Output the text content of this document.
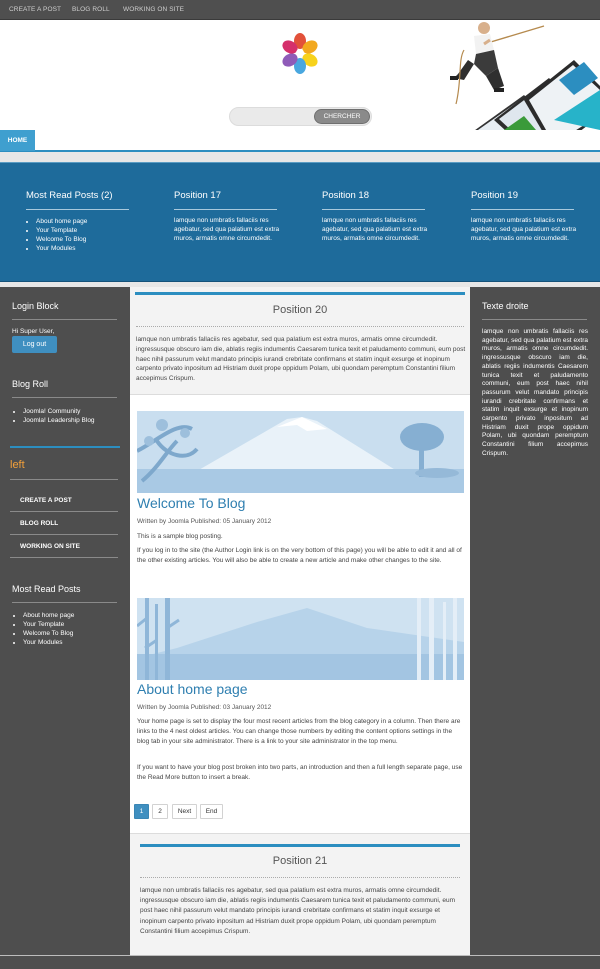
CREATE A POST BLOG ROLL WORKING ON SITE
CHERCHER
HOME
Most Read Posts (2)
• About home page
• Your Template
• Welcome To Blog
• Your Modules
Position 17

lamque non umbratis fallaciis res agebatur, sed qua palatium est extra muros, armatis omne circumdedit.

Position 18

lamque non umbratis fallaciis res agebatur, sed qua palatium est extra muros, armatis omne circumdedit.

Position 19

lamque non umbratis fallaciis res agebatur, sed qua palatium est extra muros, armatis omne circumdedit.

Login Block
Hi Super User,
Log out
Blog Roll
• Joomla! Community
• Joomla! Leadership Blog
left
CREATE A POST
BLOG ROLL
WORKING ON SITE
Most Read Posts
• About home page
• Your Template
• Welcome To Blog
• Your Modules
Texte droite

lamque non umbratis fallaciis res agebatur, sed qua palatium est extra muros, armatis omne circumdedit. ingressusque obscuro iam die, ablatis regiis indumentis Caesarem tunica texit et paludamento communi, eum post haec nihil passurum velut mandato principis iurandi crebritate confirmans et statim inquit exsurge et inopinum carpento privato inpositum ad Histriam duxit prope oppidum Polam, ubi quondam peremptum Constantini filium accepimus Crispum.

Position 20

lamque non umbratis fallaciis res agebatur, sed qua palatium est extra muros, armatis omne circumdedit. ingressusque obscuro iam die, ablatis regiis indumentis Caesarem tunica texit et paludamento communi, eum post haec nihil passurum velut mandato principis iurandi crebritate confirmans et statim inquit exsurge et inopinum carpento privato inpositum ad Histriam duxit prope oppidum Polam, ubi quondam peremptum Constantini filium accepimus Crispum.

Welcome To Blog
Written by Joomla Published: 05 January 2012

This is a sample blog posting.

If you log in to the site (the Author Login link is on the very bottom of this page) you will be able to edit it and all of the other existing articles. You will also be able to create a new article and make other changes to the site.

About home page
Written by Joomla Published: 03 January 2012

Your home page is set to display the four most recent articles from the blog category in a column. Then there are links to the 4 nest oldest articles. You can change those numbers by editing the content options settings in the blog tab in your site administrator. There is a link to your site administrator in the top menu.

If you want to have your blog post broken into two parts, an introduction and then a full length separate page, use the Read More button to insert a break.

1	2	Next	End
Position 21

lamque non umbratis fallaciis res agebatur, sed qua palatium est extra muros, armatis omne circumdedit. ingressusque obscuro iam die, ablatis regiis indumentis Caesarem tunica texit et paludamento communi, eum post haec nihil passurum velut mandato principis iurandi crebritate confirmans et statim inquit exsurge et inopinum carpento privato inpositum ad Histriam duxit prope oppidum Polam, ubi quondam peremptum Constantini filium accepimus Crispum.
